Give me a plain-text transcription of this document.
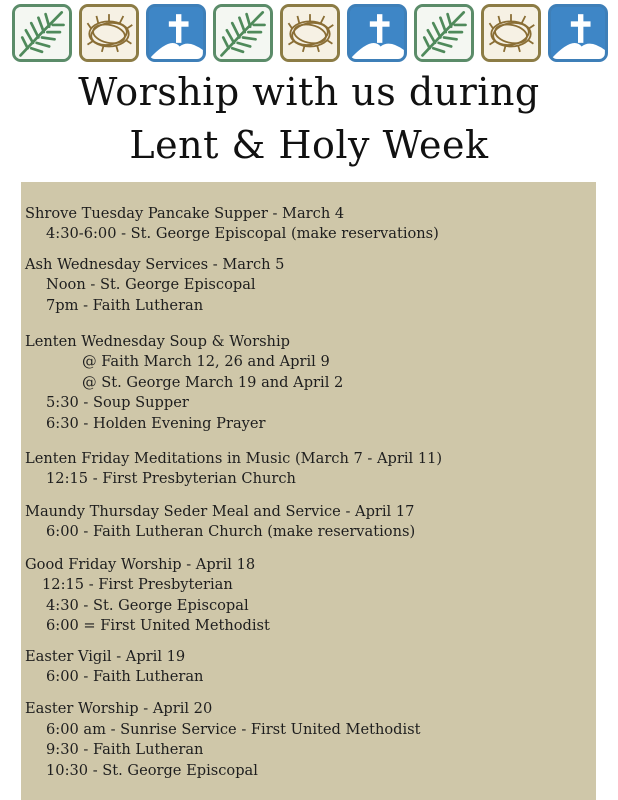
Worship with us during
Lent & Holy Week
Shrove Tuesday Pancake Supper - March 4
4:30-6:00 - St. George Episcopal (make reservations)
Ash Wednesday Services - March 5
Noon - St. George Episcopal
7pm - Faith Lutheran
Lenten Wednesday Soup & Worship
@ Faith March 12, 26 and April 9
@ St. George March 19 and April 2
5:30 - Soup Supper
6:30 - Holden Evening Prayer
Lenten Friday Meditations in Music (March 7 - April 11)
12:15 - First Presbyterian Church
Maundy Thursday Seder Meal and Service - April 17
6:00 - Faith Lutheran Church (make reservations)
Good Friday Worship - April 18
12:15 - First Presbyterian
4:30 - St. George Episcopal
6:00 = First United Methodist
Easter Vigil - April 19
6:00 - Faith Lutheran
Easter Worship - April 20
6:00 am - Sunrise Service - First United Methodist
9:30 - Faith Lutheran
10:30 - St. George Episcopal
